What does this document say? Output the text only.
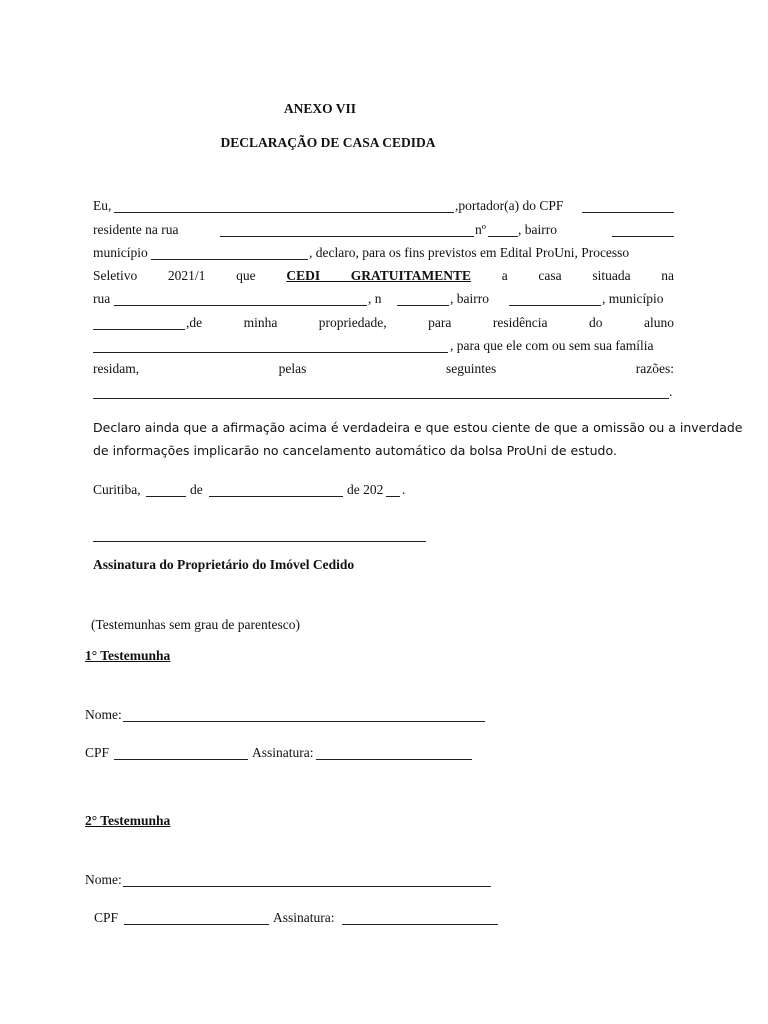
ANEXO VII
DECLARAÇÃO DE CASA CEDIDA
Eu,	,portador(a) do CPF
residente na rua	nº , bairro
município	, declaro, para os fins previstos em Edital ProUni, Processo
Seletivo 2021/1 que CEDI GRATUITAMENTE a casa situada na
rua	, n	, bairro	, município
,de minha propriedade, para residência do aluno
, para que ele com ou sem sua família
residam, pelas seguintes razões:
.
Declaro ainda que a afirmação acima é verdadeira e que estou ciente de que a omissão ou a inverdade
de informações implicarão no cancelamento automático da bolsa ProUni de estudo.
Curitiba,	de	de 202 .
Assinatura do Proprietário do Imóvel Cedido
(Testemunhas sem grau de parentesco)
1° Testemunha
Nome:
CPF	Assinatura:
2° Testemunha
Nome:
CPF	Assinatura:
